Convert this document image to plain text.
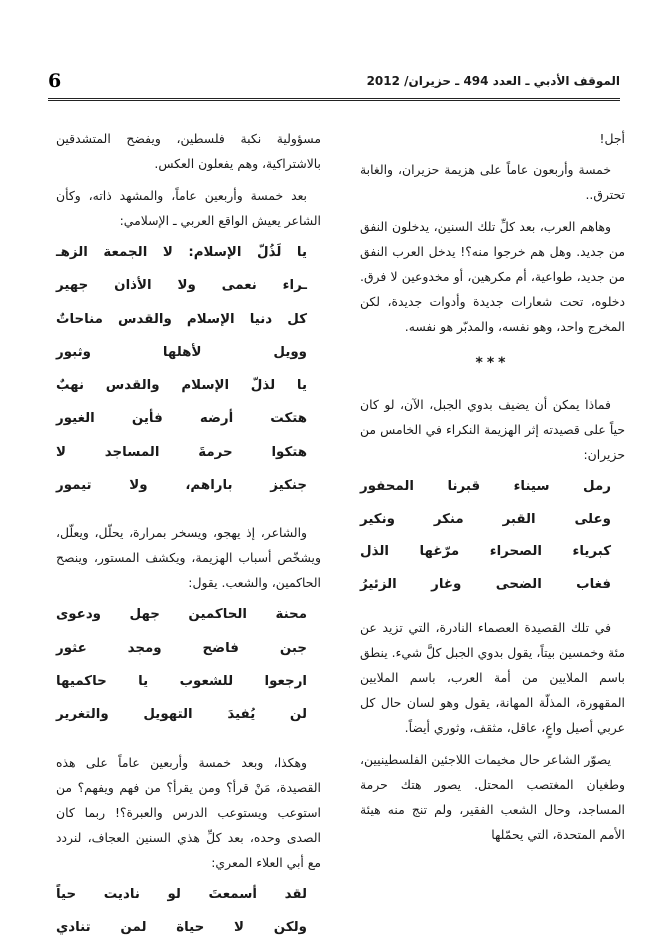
الموقف الأدبي ـ العدد 494 ـ حزيران/ 2012
6

أجل!

خمسة وأربعون عاماً على هزيمة حزيران، والغابة تحترق..

وهاهم العرب، بعد كلِّ تلك السنين، يدخلون النفق من جديد. وهل هم خرجوا منه؟! يدخل العرب النفق من جديد، طواعية، أم مكرهين، أو مخدوعين لا فرق. دخلوه، تحت شعارات جديدة وأدوات جديدة، لكن المخرج واحد، وهو نفسه، والمدبّر هو نفسه.

***

فماذا يمكن أن يضيف بدوي الجبل، الآن، لو كان حياً على قصيدته إثر الهزيمة النكراء في الخامس من حزيران:

رمل سيناء قبرنا المحفور

وعلى القبر منكر ونكير

كبرياء الصحراء مرّغها الذل

فغاب الضحى وغار الزئيرُ

في تلك القصيدة العصماء النادرة، التي تزيد عن مئة وخمسين بيتاً، يقول بدوي الجبل كلَّ شيء. ينطق باسم الملايين من أمة العرب، باسم الملايين المقهورة، المذلّة المهانة، يقول وهو لسان حال كل عربي أصيل واعٍ، عاقل، مثقف، وثوري أيضاً.

يصوّر الشاعر حال مخيمات اللاجئين الفلسطينيين، وطغيان المغتصب المحتل. يصور هتك حرمة المساجد، وحال الشعب الفقير، ولم تنج منه هيئة الأمم المتحدة، التي يحمّلها

مسؤولية نكبة فلسطين، ويفضح المتشدقين بالاشتراكية، وهم يفعلون العكس.

بعد خمسة وأربعين عاماً، والمشهد ذاته، وكأن الشاعر يعيش الواقع العربي ـ الإسلامي:

يا لَذُلّ الإسلام: لا الجمعة الزهـ

ـراء نعمى ولا الأذان جهير

كل دنيا الإسلام والقدس مناحاتٌ

وويل لأهلها وثبور

يا لذلّ الإسلام والقدس نهبٌ

هتكت أرضه فأين الغيور

هتكوا حرمةَ المساجد لا

جنكيز باراهم، ولا تيمور

والشاعر، إذ يهجو، ويسخر بمرارة، يحلّل، ويعلّل، ويشخّص أسباب الهزيمة، ويكشف المستور، وينصح الحاكمين، والشعب. يقول:

محنة الحاكمين جهل ودعوى

جبن فاضح ومجد عثور

ارجعوا للشعوب يا حاكميها

لن يُفيدَ التهويل والتغرير

وهكذا، وبعد خمسة وأربعين عاماً على هذه القصيدة، مَنْ قرأ؟ ومن يقرأ؟ من فهم ويفهم؟ من استوعب ويستوعب الدرس والعبرة؟! ربما كان الصدى وحده، بعد كلِّ هذي السنين العجاف، لنردد مع أبي العلاء المعري:

لقد أسمعتَ لو ناديت حياً

ولكن لا حياة لمن تنادي
